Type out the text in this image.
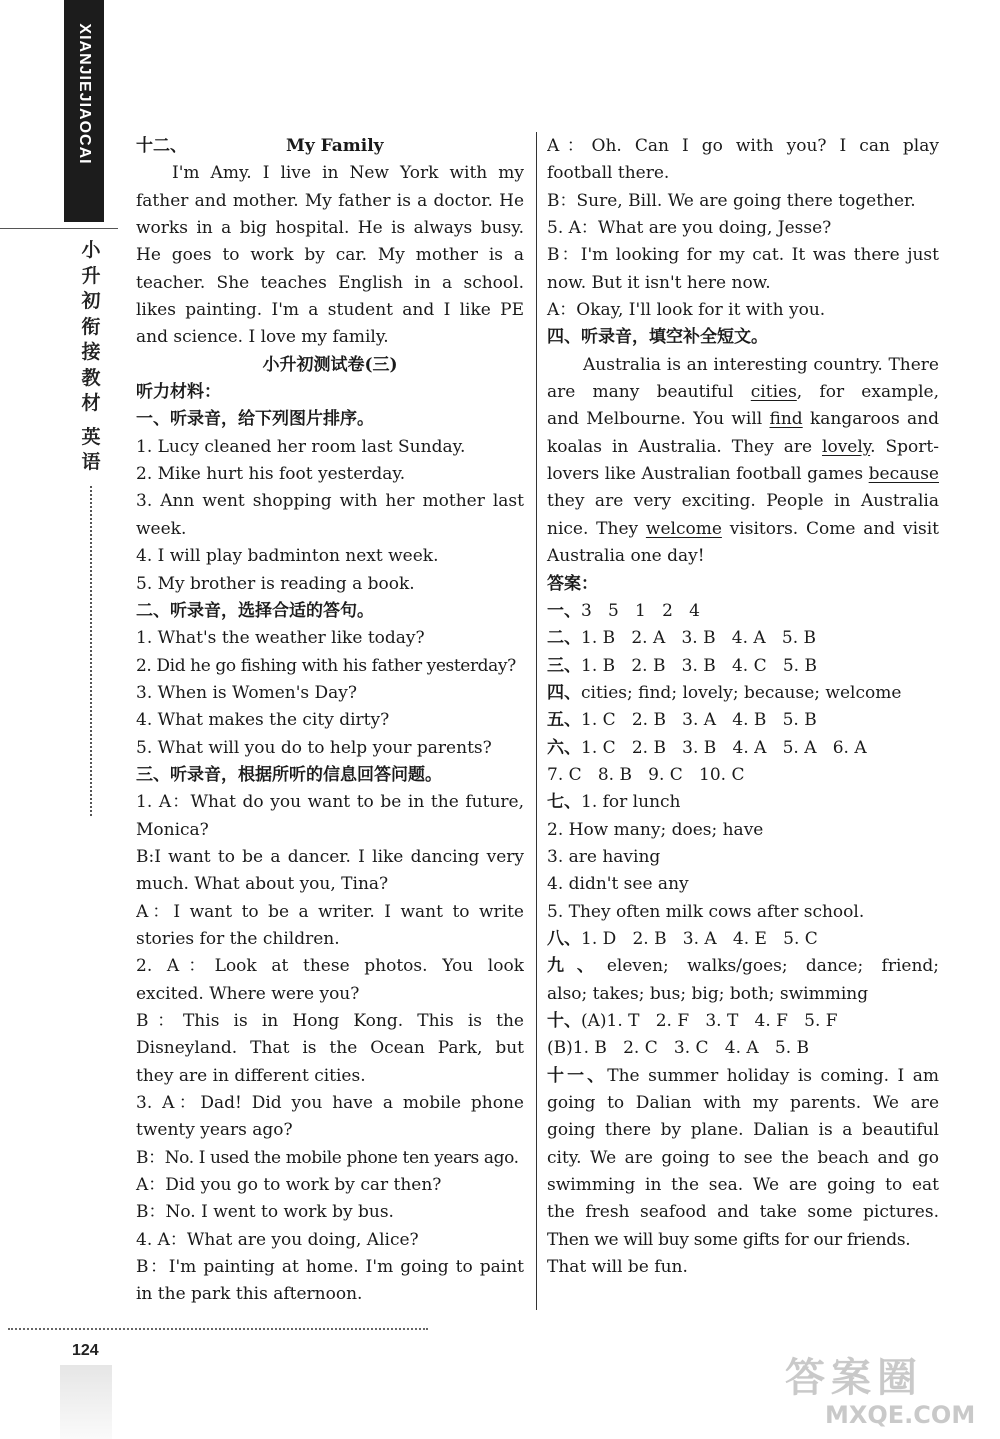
XIANJIEJIAOCAI
小
升
初
衔
接
教
材
英
语
十二、	My Family
I'm Amy. I live in New York with my
father and mother. My father is a doctor. He
works in a big hospital. He is always busy.
He goes to work by car. My mother is a
teacher. She teaches English in a school.
likes painting. I'm a student and I like PE
and science. I love my family.
小升初测试卷(三)
听力材料：
一、听录音，给下列图片排序。
1. Lucy cleaned her room last Sunday.
2. Mike hurt his foot yesterday.
3. Ann went shopping with her mother last
week.
4. I will play badminton next week.
5. My brother is reading a book.
二、听录音，选择合适的答句。
1. What's the weather like today?
2. Did he go fishing with his father yesterday?
3. When is Women's Day?
4. What makes the city dirty?
5. What will you do to help your parents?
三、听录音，根据所听的信息回答问题。
1. A：What do you want to be in the future,
Monica?
B:I want to be a dancer. I like dancing very
much. What about you, Tina?
A：I want to be a writer. I want to write
stories for the children.
2. A：Look at these photos. You look
excited. Where were you?
B：This is in Hong Kong. This is the
Disneyland. That is the Ocean Park, but
they are in different cities.
3. A：Dad! Did you have a mobile phone
twenty years ago?
B：No. I used the mobile phone ten years ago.
A：Did you go to work by car then?
B：No. I went to work by bus.
4. A：What are you doing, Alice?
B：I'm painting at home. I'm going to paint
in the park this afternoon.
A：Oh. Can I go with you? I can play
football there.
B：Sure, Bill. We are going there together.
5. A：What are you doing, Jesse?
B：I'm looking for my cat. It was there just
now. But it isn't here now.
A：Okay, I'll look for it with you.
四、听录音，填空补全短文。
Australia is an interesting country. There
are many beautiful cities, for example,
and Melbourne. You will find kangaroos and
koalas in Australia. They are lovely. Sport-
lovers like Australian football games because
they are very exciting. People in Australia
nice. They welcome visitors. Come and visit
Australia one day!
答案：
一、3   5   1   2   4
二、1. B   2. A   3. B   4. A   5. B
三、1. B   2. B   3. B   4. C   5. B
四、cities; find; lovely; because; welcome
五、1. C   2. B   3. A   4. B   5. B
六、1. C   2. B   3. B   4. A   5. A   6. A
7. C   8. B   9. C   10. C
七、1. for lunch
2. How many; does; have
3. are having
4. didn't see any
5. They often milk cows after school.
八、1. D   2. B   3. A   4. E   5. C
九、eleven; walks/goes; dance; friend;
also; takes; bus; big; both; swimming
十、(A)1. T   2. F   3. T   4. F   5. F
(B)1. B   2. C   3. C   4. A   5. B
十一、The summer holiday is coming. I am
going to Dalian with my parents. We are
going there by plane. Dalian is a beautiful
city. We are going to see the beach and go
swimming in the sea. We are going to eat
the fresh seafood and take some pictures.
Then we will buy some gifts for our friends.
That will be fun.
124
答案圈
MXQE.COM
